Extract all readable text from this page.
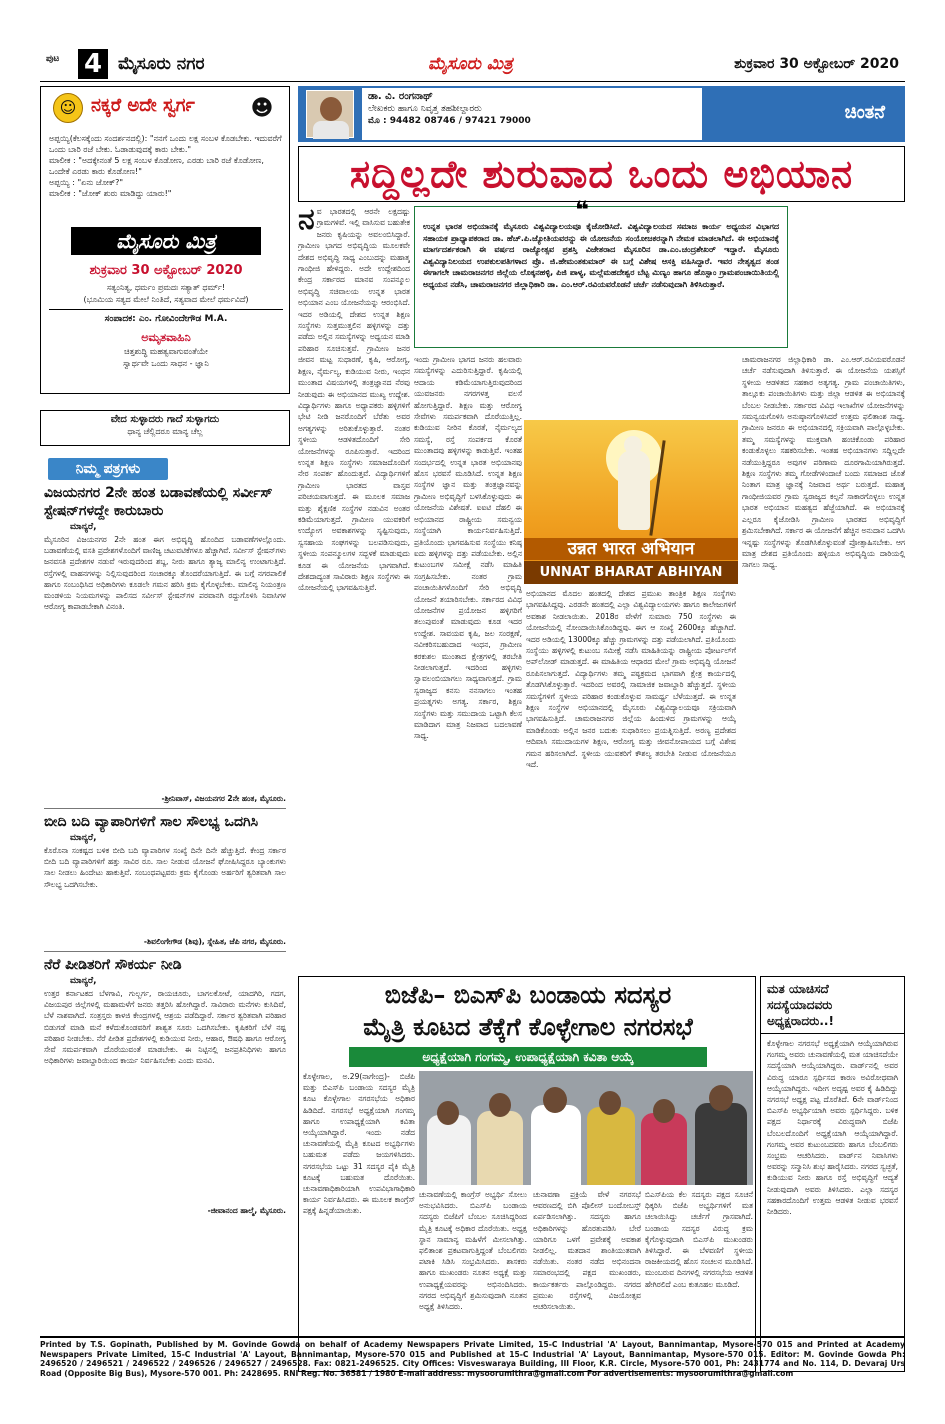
ಪುಟ 4 ಮೈಸೂರು ನಗರ	ಮೈಸೂರು ಮಿತ್ರ	ಶುಕ್ರವಾರ 30 ಅಕ್ಟೋಬರ್ 2020
☺ ನಕ್ಕರೆ ಅದೇ ಸ್ವರ್ಗ	☻

ಅಪ್ಪಯ್ಯಿ(ಕೆಲಸಕ್ಕೆಂದು ಸಂದರ್ಶನದಲ್ಲಿ): "ನನಗೆ ಒಂದು ಲಕ್ಷ ಸಂಬಳ ಕೊಡಬೇಕು. ಇದುವರೆಗೆ ಒಂದು ಬಾರಿ ರಜೆ ಬೇಕು. ಓಡಾಡುವುದಕ್ಕೆ ಕಾರು ಬೇಕು."

ಮಾಲೀಕ : "ಅದಕ್ಕೇನಂತೆ 5 ಲಕ್ಷ ಸಂಬಳ ಕೊಡೋಣ, ಎರಡು ಬಾರಿ ರಜೆ ಕೊಡೋಣ, ಒಂದೇಕೆ ಎರಡು ಕಾರು ಕೊಡೋಣ!"

ಅಪ್ಪಯ್ಯಿ : "ಏನು ಜೋಕ್?"

ಮಾಲೀಕ : "ಜೋಕ್ ಶುರು ಮಾಡಿದ್ದು ಯಾರು!"

ಮೈಸೂರು ಮಿತ್ರ
ಶುಕ್ರವಾರ 30 ಅಕ್ಟೋಬರ್ 2020
ಸತ್ಯಂನಿತ್ಯ, ಧರ್ಮಂ ಪ್ರಮದಃ ಸತ್ಯಾತ್ ಧರ್ಮ್!
(ಭೂಮಿಯ ಸತ್ಯದ ಮೇಲೆ ನಿಂತಿದೆ, ಸತ್ಯವಾದ ಮೇಲೆ ಧರ್ಮವಿದೆ)
ಸಂಪಾದಕ: ಎಂ. ಗೋವಿಂದೇಗೌಡ M.A.
ಅಮೃತವಾಹಿನಿ
ಚಿತ್ತಶುದ್ಧಿ ಮಹತ್ವವಾಗುವಂತೆಯೇ
ಸ್ವಾರ್ಥವೇ ಒಂದು ಸಾಧನ - ಜ್ಞಾನಿ
ವೇದ ಸುಳ್ಳಾದರು ಗಾದೆ ಸುಳ್ಳಾಗದು
ಧಾನ್ಯ ಚೆಲ್ಲಿದರೂ ಮಾನ್ಯ ಚೆಲ್ಲ
ನಿಮ್ಮ ಪತ್ರಗಳು
ವಿಜಯನಗರ 2ನೇ ಹಂತ ಬಡಾವಣೆಯಲ್ಲಿ ಸರ್ವೀಸ್ ಸ್ಟೇಷನ್‌ಗಳದ್ದೇ ಕಾರುಬಾರು
ಮಾನ್ಯರೆ,
ಮೈಸೂರಿನ ವಿಜಯನಗರ 2ನೇ ಹಂತ ಈಗ ಅಭಿವೃದ್ಧಿ ಹೊಂದಿದ ಬಡಾವಣೆಗಳಲ್ಲೊಂದು. ಬಡಾವಣೆಯಲ್ಲಿ ವಸತಿ ಪ್ರದೇಶಗಳೊಂದಿಗೆ ವಾಣಿಜ್ಯ ಚಟುವಟಿಕೆಗಳೂ ಹೆಚ್ಚಾಗಿವೆ. ಸರ್ವೀಸ್ ಸ್ಟೇಷನ್‌ಗಳು ಜನವಸತಿ ಪ್ರದೇಶಗಳ ನಡುವೆ ಇರುವುದರಿಂದ ಶಬ್ದ, ನೀರು ಹಾಗೂ ತ್ಯಾಜ್ಯ ಮಾಲಿನ್ಯ ಉಂಟಾಗುತ್ತಿದೆ. ರಸ್ತೆಗಳಲ್ಲಿ ವಾಹನಗಳನ್ನು ನಿಲ್ಲಿಸುವುದರಿಂದ ಸಂಚಾರಕ್ಕೂ ತೊಂದರೆಯಾಗುತ್ತಿದೆ. ಈ ಬಗ್ಗೆ ನಗರಪಾಲಿಕೆ ಹಾಗೂ ಸಂಬಂಧಿಸಿದ ಅಧಿಕಾರಿಗಳು ಕೂಡಲೇ ಗಮನ ಹರಿಸಿ ಕ್ರಮ ಕೈಗೊಳ್ಳಬೇಕು. ಮಾಲಿನ್ಯ ನಿಯಂತ್ರಣ ಮಂಡಳಿಯ ನಿಯಮಗಳನ್ನು ಪಾಲಿಸದ ಸರ್ವೀಸ್ ಸ್ಟೇಷನ್‌ಗಳ ಪರವಾನಗಿ ರದ್ದುಗೊಳಿಸಿ ನಿವಾಸಿಗಳ ಆರೋಗ್ಯ ಕಾಪಾಡಬೇಕಾಗಿ ವಿನಂತಿ.
-ಶ್ರೀನಿವಾಸ್, ವಿಜಯನಗರ 2ನೇ ಹಂತ, ಮೈಸೂರು.
ಬೀದಿ ಬದಿ ವ್ಯಾಪಾರಿಗಳಿಗೆ ಸಾಲ ಸೌಲಭ್ಯ ಒದಗಿಸಿ
ಮಾನ್ಯರೆ,
ಕೊರೊನಾ ಸಂಕಷ್ಟದ ಬಳಿಕ ಬೀದಿ ಬದಿ ವ್ಯಾಪಾರಿಗಳ ಸಂಖ್ಯೆ ದಿನೇ ದಿನೇ ಹೆಚ್ಚುತ್ತಿದೆ. ಕೇಂದ್ರ ಸರ್ಕಾರ ಬೀದಿ ಬದಿ ವ್ಯಾಪಾರಿಗಳಿಗೆ ಹತ್ತು ಸಾವಿರ ರೂ. ಸಾಲ ನೀಡುವ ಯೋಜನೆ ಘೋಷಿಸಿದ್ದರೂ ಬ್ಯಾಂಕುಗಳು ಸಾಲ ನೀಡಲು ಹಿಂದೇಟು ಹಾಕುತ್ತಿವೆ. ಸಂಬಂಧಪಟ್ಟವರು ಕ್ರಮ ಕೈಗೊಂಡು ಅರ್ಹರಿಗೆ ತ್ವರಿತವಾಗಿ ಸಾಲ ಸೌಲಭ್ಯ ಒದಗಿಸಬೇಕು.
-ಶಿವಲಿಂಗೇಗೌಡ (ಶಿವು), ಸ್ನೇಹಿತ, ಜೆಪಿ ನಗರ, ಮೈಸೂರು.
ನೆರೆ ಪೀಡಿತರಿಗೆ ಸೌಕರ್ಯ ನೀಡಿ
ಮಾನ್ಯರೆ,
ಉತ್ತರ ಕರ್ನಾಟಕದ ಬೆಳಗಾವಿ, ಗುಲ್ಬರ್ಗ, ರಾಯಚೂರು, ಬಾಗಲಕೋಟೆ, ಯಾದಗಿರಿ, ಗದಗ, ವಿಜಯಪುರ ಜಿಲ್ಲೆಗಳಲ್ಲಿ ಮಹಾಮಳೆಗೆ ಜನರು ತತ್ತರಿಸಿ ಹೋಗಿದ್ದಾರೆ. ಸಾವಿರಾರು ಮನೆಗಳು ಕುಸಿದಿವೆ, ಬೆಳೆ ನಾಶವಾಗಿದೆ. ಸಂತ್ರಸ್ತರು ಕಾಳಜಿ ಕೇಂದ್ರಗಳಲ್ಲಿ ಆಶ್ರಯ ಪಡೆದಿದ್ದಾರೆ. ಸರ್ಕಾರ ತ್ವರಿತವಾಗಿ ಪರಿಹಾರ ಬಿಡುಗಡೆ ಮಾಡಿ ಮನೆ ಕಳೆದುಕೊಂಡವರಿಗೆ ಶಾಶ್ವತ ಸೂರು ಒದಗಿಸಬೇಕು. ಕೃಷಿಕರಿಗೆ ಬೆಳೆ ನಷ್ಟ ಪರಿಹಾರ ನೀಡಬೇಕು. ನೆರೆ ಪೀಡಿತ ಪ್ರದೇಶಗಳಲ್ಲಿ ಕುಡಿಯುವ ನೀರು, ಆಹಾರ, ಔಷಧಿ ಹಾಗೂ ಆರೋಗ್ಯ ಸೇವೆ ಸಮರ್ಪಕವಾಗಿ ದೊರೆಯುವಂತೆ ಮಾಡಬೇಕು. ಈ ನಿಟ್ಟಿನಲ್ಲಿ ಜನಪ್ರತಿನಿಧಿಗಳು ಹಾಗೂ ಅಧಿಕಾರಿಗಳು ಜವಾಬ್ದಾರಿಯಿಂದ ಕಾರ್ಯ ನಿರ್ವಹಿಸಬೇಕು ಎಂದು ಮನವಿ.
-ಜೀವಾನಂದ ಹಾಲ್ಮೆ, ಮೈಸೂರು.
ಡಾ. ವಿ. ರಂಗನಾಥ್
ಲೇಖಕರು ಹಾಗೂ ನಿವೃತ್ತ ತಹಶೀಲ್ದಾರರು
ಮೊ : 94482 08746 / 97421 79000	ಚಿಂತನೆ
ಸದ್ದಿಲ್ಲದೇ ಶುರುವಾದ ಒಂದು ಅಭಿಯಾನ
ನವ ಭಾರತದಲ್ಲಿ ಆರನೇ ಲಕ್ಷದಷ್ಟು ಗ್ರಾಮಗಳಿವೆ. ಇಲ್ಲಿ ವಾಸಿಸುವ ಬಹುತೇಕ ಜನರು ಕೃಷಿಯನ್ನು ಅವಲಂಬಿಸಿದ್ದಾರೆ. ಗ್ರಾಮೀಣ ಭಾಗದ ಅಭಿವೃದ್ಧಿಯ ಮೂಲಕವೇ ದೇಶದ ಅಭಿವೃದ್ಧಿ ಸಾಧ್ಯ ಎಂಬುದನ್ನು ಮಹಾತ್ಮ ಗಾಂಧೀಜಿ ಹೇಳಿದ್ದರು. ಅದೇ ಉದ್ದೇಶದಿಂದ ಕೇಂದ್ರ ಸರ್ಕಾರದ ಮಾನವ ಸಂಪನ್ಮೂಲ ಅಭಿವೃದ್ಧಿ ಸಚಿವಾಲಯ ಉನ್ನತ ಭಾರತ ಅಭಿಯಾನ ಎಂಬ ಯೋಜನೆಯನ್ನು ಆರಂಭಿಸಿದೆ. ಇದರ ಅಡಿಯಲ್ಲಿ ದೇಶದ ಉನ್ನತ ಶಿಕ್ಷಣ ಸಂಸ್ಥೆಗಳು ಸುತ್ತಮುತ್ತಲಿನ ಹಳ್ಳಿಗಳನ್ನು ದತ್ತು ಪಡೆದು ಅಲ್ಲಿನ ಸಮಸ್ಯೆಗಳನ್ನು ಅಧ್ಯಯನ ಮಾಡಿ ಪರಿಹಾರ ಸೂಚಿಸುತ್ತವೆ. ಗ್ರಾಮೀಣ ಜನರ ಜೀವನ ಮಟ್ಟ ಸುಧಾರಣೆ, ಕೃಷಿ, ಆರೋಗ್ಯ, ಶಿಕ್ಷಣ, ನೈರ್ಮಲ್ಯ, ಕುಡಿಯುವ ನೀರು, ಇಂಧನ ಮುಂತಾದ ವಿಷಯಗಳಲ್ಲಿ ತಂತ್ರಜ್ಞಾನದ ನೆರವು ನೀಡುವುದು ಈ ಅಭಿಯಾನದ ಮುಖ್ಯ ಉದ್ದೇಶ. ವಿದ್ಯಾರ್ಥಿಗಳು ಹಾಗೂ ಅಧ್ಯಾಪಕರು ಹಳ್ಳಿಗಳಿಗೆ ಭೇಟಿ ನೀಡಿ ಜನರೊಂದಿಗೆ ಬೆರೆತು ಅವರ ಅಗತ್ಯಗಳನ್ನು ಅರಿತುಕೊಳ್ಳುತ್ತಾರೆ. ನಂತರ ಸ್ಥಳೀಯ ಆಡಳಿತದೊಂದಿಗೆ ಸೇರಿ ಯೋಜನೆಗಳನ್ನು ರೂಪಿಸುತ್ತಾರೆ. ಇದರಿಂದ ಉನ್ನತ ಶಿಕ್ಷಣ ಸಂಸ್ಥೆಗಳು ಸಮಾಜದೊಂದಿಗೆ ನೇರ ಸಂಪರ್ಕ ಹೊಂದುತ್ತವೆ. ವಿದ್ಯಾರ್ಥಿಗಳಿಗೆ ಗ್ರಾಮೀಣ ಭಾರತದ ವಾಸ್ತವ ಪರಿಚಯವಾಗುತ್ತದೆ. ಈ ಮೂಲಕ ಸಮಾಜ ಮತ್ತು ಶೈಕ್ಷಣಿಕ ಸಂಸ್ಥೆಗಳ ನಡುವಿನ ಅಂತರ ಕಡಿಮೆಯಾಗುತ್ತದೆ. ಗ್ರಾಮೀಣ ಯುವಕರಿಗೆ ಉದ್ಯೋಗ ಅವಕಾಶಗಳನ್ನು ಸೃಷ್ಟಿಸುವುದು, ಸ್ವಸಹಾಯ ಸಂಘಗಳನ್ನು ಬಲಪಡಿಸುವುದು, ಸ್ಥಳೀಯ ಸಂಪನ್ಮೂಲಗಳ ಸದ್ಬಳಕೆ ಮಾಡುವುದು ಕೂಡ ಈ ಯೋಜನೆಯ ಭಾಗವಾಗಿದೆ. ದೇಶದಾದ್ಯಂತ ಸಾವಿರಾರು ಶಿಕ್ಷಣ ಸಂಸ್ಥೆಗಳು ಈ ಯೋಜನೆಯಲ್ಲಿ ಭಾಗವಹಿಸುತ್ತಿವೆ.
ಇಂದು ಗ್ರಾಮೀಣ ಭಾಗದ ಜನರು ಹಲವಾರು ಸಮಸ್ಯೆಗಳನ್ನು ಎದುರಿಸುತ್ತಿದ್ದಾರೆ. ಕೃಷಿಯಲ್ಲಿ ಆದಾಯ ಕಡಿಮೆಯಾಗುತ್ತಿರುವುದರಿಂದ ಯುವಜನರು ನಗರಗಳತ್ತ ವಲಸೆ ಹೋಗುತ್ತಿದ್ದಾರೆ. ಶಿಕ್ಷಣ ಮತ್ತು ಆರೋಗ್ಯ ಸೇವೆಗಳು ಸಮರ್ಪಕವಾಗಿ ದೊರೆಯುತ್ತಿಲ್ಲ. ಕುಡಿಯುವ ನೀರಿನ ಕೊರತೆ, ನೈರ್ಮಲ್ಯದ ಸಮಸ್ಯೆ, ರಸ್ತೆ ಸಂಪರ್ಕದ ಕೊರತೆ ಮುಂತಾದವು ಹಳ್ಳಿಗಳನ್ನು ಕಾಡುತ್ತಿವೆ. ಇಂತಹ ಸಂದರ್ಭದಲ್ಲಿ ಉನ್ನತ ಭಾರತ ಅಭಿಯಾನವು ಹೊಸ ಭರವಸೆ ಮೂಡಿಸಿದೆ. ಉನ್ನತ ಶಿಕ್ಷಣ ಸಂಸ್ಥೆಗಳ ಜ್ಞಾನ ಮತ್ತು ತಂತ್ರಜ್ಞಾನವನ್ನು ಗ್ರಾಮೀಣ ಅಭಿವೃದ್ಧಿಗೆ ಬಳಸಿಕೊಳ್ಳುವುದು ಈ ಯೋಜನೆಯ ವಿಶೇಷತೆ. ಐಐಟಿ ದೆಹಲಿ ಈ ಅಭಿಯಾನದ ರಾಷ್ಟ್ರೀಯ ಸಮನ್ವಯ ಸಂಸ್ಥೆಯಾಗಿ ಕಾರ್ಯನಿರ್ವಹಿಸುತ್ತಿದೆ. ಪ್ರತಿಯೊಂದು ಭಾಗವಹಿಸುವ ಸಂಸ್ಥೆಯು ಕನಿಷ್ಠ ಐದು ಹಳ್ಳಿಗಳನ್ನು ದತ್ತು ಪಡೆಯಬೇಕು. ಅಲ್ಲಿನ ಕುಟುಂಬಗಳ ಸಮೀಕ್ಷೆ ನಡೆಸಿ ಮಾಹಿತಿ ಸಂಗ್ರಹಿಸಬೇಕು. ನಂತರ ಗ್ರಾಮ ಪಂಚಾಯಿತಿಗಳೊಂದಿಗೆ ಸೇರಿ ಅಭಿವೃದ್ಧಿ ಯೋಜನೆ ತಯಾರಿಸಬೇಕು. ಸರ್ಕಾರದ ವಿವಿಧ ಯೋಜನೆಗಳ ಪ್ರಯೋಜನ ಹಳ್ಳಿಗರಿಗೆ ತಲುಪುವಂತೆ ಮಾಡುವುದು ಕೂಡ ಇದರ ಉದ್ದೇಶ. ಸಾವಯವ ಕೃಷಿ, ಜಲ ಸಂರಕ್ಷಣೆ, ನವೀಕರಿಸಬಹುದಾದ ಇಂಧನ, ಗ್ರಾಮೀಣ ಕರಕುಶಲ ಮುಂತಾದ ಕ್ಷೇತ್ರಗಳಲ್ಲಿ ತರಬೇತಿ ನೀಡಲಾಗುತ್ತದೆ. ಇದರಿಂದ ಹಳ್ಳಿಗಳು ಸ್ವಾವಲಂಬಿಯಾಗಲು ಸಾಧ್ಯವಾಗುತ್ತದೆ. ಗ್ರಾಮ ಸ್ವರಾಜ್ಯದ ಕನಸು ನನಸಾಗಲು ಇಂತಹ ಪ್ರಯತ್ನಗಳು ಅಗತ್ಯ. ಸರ್ಕಾರ, ಶಿಕ್ಷಣ ಸಂಸ್ಥೆಗಳು ಮತ್ತು ಸಮುದಾಯ ಒಟ್ಟಾಗಿ ಕೆಲಸ ಮಾಡಿದಾಗ ಮಾತ್ರ ನಿಜವಾದ ಬದಲಾವಣೆ ಸಾಧ್ಯ.
ಅಭಿಯಾನದ ಮೊದಲ ಹಂತದಲ್ಲಿ ದೇಶದ ಪ್ರಮುಖ ತಾಂತ್ರಿಕ ಶಿಕ್ಷಣ ಸಂಸ್ಥೆಗಳು ಭಾಗವಹಿಸಿದ್ದವು. ಎರಡನೇ ಹಂತದಲ್ಲಿ ಎಲ್ಲಾ ವಿಶ್ವವಿದ್ಯಾಲಯಗಳು ಹಾಗೂ ಕಾಲೇಜುಗಳಿಗೆ ಅವಕಾಶ ನೀಡಲಾಯಿತು. 2018ರ ವೇಳೆಗೆ ಸುಮಾರು 750 ಸಂಸ್ಥೆಗಳು ಈ ಯೋಜನೆಯಲ್ಲಿ ನೋಂದಾಯಿಸಿಕೊಂಡಿದ್ದವು. ಈಗ ಆ ಸಂಖ್ಯೆ 2600ಕ್ಕೂ ಹೆಚ್ಚಾಗಿದೆ. ಇದರ ಅಡಿಯಲ್ಲಿ 13000ಕ್ಕೂ ಹೆಚ್ಚು ಗ್ರಾಮಗಳನ್ನು ದತ್ತು ಪಡೆಯಲಾಗಿದೆ. ಪ್ರತಿಯೊಂದು ಸಂಸ್ಥೆಯು ಹಳ್ಳಿಗಳಲ್ಲಿ ಕುಟುಂಬ ಸಮೀಕ್ಷೆ ನಡೆಸಿ ಮಾಹಿತಿಯನ್ನು ರಾಷ್ಟ್ರೀಯ ಪೋರ್ಟಲ್‌ಗೆ ಅಪ್‌ಲೋಡ್ ಮಾಡುತ್ತದೆ. ಈ ಮಾಹಿತಿಯ ಆಧಾರದ ಮೇಲೆ ಗ್ರಾಮ ಅಭಿವೃದ್ಧಿ ಯೋಜನೆ ರೂಪಿಸಲಾಗುತ್ತದೆ. ವಿದ್ಯಾರ್ಥಿಗಳು ತಮ್ಮ ಪಠ್ಯಕ್ರಮದ ಭಾಗವಾಗಿ ಕ್ಷೇತ್ರ ಕಾರ್ಯದಲ್ಲಿ ತೊಡಗಿಸಿಕೊಳ್ಳುತ್ತಾರೆ. ಇದರಿಂದ ಅವರಲ್ಲಿ ಸಾಮಾಜಿಕ ಜವಾಬ್ದಾರಿ ಹೆಚ್ಚುತ್ತದೆ. ಸ್ಥಳೀಯ ಸಮಸ್ಯೆಗಳಿಗೆ ಸ್ಥಳೀಯ ಪರಿಹಾರ ಕಂಡುಕೊಳ್ಳುವ ಸಾಮರ್ಥ್ಯ ಬೆಳೆಯುತ್ತದೆ. ಈ ಉನ್ನತ ಶಿಕ್ಷಣ ಸಂಸ್ಥೆಗಳ ಅಭಿಯಾನದಲ್ಲಿ ಮೈಸೂರು ವಿಶ್ವವಿದ್ಯಾಲಯವೂ ಸಕ್ರಿಯವಾಗಿ ಭಾಗವಹಿಸುತ್ತಿದೆ. ಚಾಮರಾಜನಗರ ಜಿಲ್ಲೆಯ ಹಿಂದುಳಿದ ಗ್ರಾಮಗಳನ್ನು ಆಯ್ಕೆ ಮಾಡಿಕೊಂಡು ಅಲ್ಲಿನ ಜನರ ಬದುಕು ಸುಧಾರಿಸಲು ಪ್ರಯತ್ನಿಸುತ್ತಿದೆ. ಅರಣ್ಯ ಪ್ರದೇಶದ ಆದಿವಾಸಿ ಸಮುದಾಯಗಳ ಶಿಕ್ಷಣ, ಆರೋಗ್ಯ ಮತ್ತು ಜೀವನೋಪಾಯದ ಬಗ್ಗೆ ವಿಶೇಷ ಗಮನ ಹರಿಸಲಾಗಿದೆ. ಸ್ಥಳೀಯ ಯುವಕರಿಗೆ ಕೌಶಲ್ಯ ತರಬೇತಿ ನೀಡುವ ಯೋಜನೆಯೂ ಇದೆ.
ಚಾಮರಾಜನಗರ ಜಿಲ್ಲಾಧಿಕಾರಿ ಡಾ. ಎಂ.ಆರ್.ರವಿಯವರೊಡನೆ ಚರ್ಚೆ ನಡೆಸುವುದಾಗಿ ತಿಳಿಸುತ್ತಾರೆ. ಈ ಯೋಜನೆಯ ಯಶಸ್ಸಿಗೆ ಸ್ಥಳೀಯ ಆಡಳಿತದ ಸಹಕಾರ ಅತ್ಯಗತ್ಯ. ಗ್ರಾಮ ಪಂಚಾಯಿತಿಗಳು, ತಾಲ್ಲೂಕು ಪಂಚಾಯಿತಿಗಳು ಮತ್ತು ಜಿಲ್ಲಾ ಆಡಳಿತ ಈ ಅಭಿಯಾನಕ್ಕೆ ಬೆಂಬಲ ನೀಡಬೇಕು. ಸರ್ಕಾರದ ವಿವಿಧ ಇಲಾಖೆಗಳ ಯೋಜನೆಗಳನ್ನು ಸಮನ್ವಯಗೊಳಿಸಿ ಅನುಷ್ಠಾನಗೊಳಿಸಿದರೆ ಉತ್ತಮ ಫಲಿತಾಂಶ ಸಾಧ್ಯ. ಗ್ರಾಮೀಣ ಜನರೂ ಈ ಅಭಿಯಾನದಲ್ಲಿ ಸಕ್ರಿಯವಾಗಿ ಪಾಲ್ಗೊಳ್ಳಬೇಕು. ತಮ್ಮ ಸಮಸ್ಯೆಗಳನ್ನು ಮುಕ್ತವಾಗಿ ಹಂಚಿಕೊಂಡು ಪರಿಹಾರ ಕಂಡುಕೊಳ್ಳಲು ಸಹಕರಿಸಬೇಕು. ಇಂತಹ ಅಭಿಯಾನಗಳು ಸದ್ದಿಲ್ಲದೇ ನಡೆಯುತ್ತಿದ್ದರೂ ಅವುಗಳ ಪರಿಣಾಮ ದೂರಗಾಮಿಯಾಗಿರುತ್ತದೆ. ಶಿಕ್ಷಣ ಸಂಸ್ಥೆಗಳು ತಮ್ಮ ಗೋಡೆಗಳಿಂದಾಚೆ ಬಂದು ಸಮಾಜದ ಜೊತೆ ನಿಂತಾಗ ಮಾತ್ರ ಜ್ಞಾನಕ್ಕೆ ನಿಜವಾದ ಅರ್ಥ ಬರುತ್ತದೆ. ಮಹಾತ್ಮ ಗಾಂಧೀಜಿಯವರ ಗ್ರಾಮ ಸ್ವರಾಜ್ಯದ ಕಲ್ಪನೆ ಸಾಕಾರಗೊಳ್ಳಲು ಉನ್ನತ ಭಾರತ ಅಭಿಯಾನ ಮಹತ್ವದ ಹೆಜ್ಜೆಯಾಗಿದೆ. ಈ ಅಭಿಯಾನಕ್ಕೆ ಎಲ್ಲರೂ ಕೈಜೋಡಿಸಿ ಗ್ರಾಮೀಣ ಭಾರತದ ಅಭಿವೃದ್ಧಿಗೆ ಶ್ರಮಿಸಬೇಕಾಗಿದೆ. ಸರ್ಕಾರ ಈ ಯೋಜನೆಗೆ ಹೆಚ್ಚಿನ ಅನುದಾನ ಒದಗಿಸಿ ಇನ್ನಷ್ಟು ಸಂಸ್ಥೆಗಳನ್ನು ತೊಡಗಿಸಿಕೊಳ್ಳುವಂತೆ ಪ್ರೋತ್ಸಾಹಿಸಬೇಕು. ಆಗ ಮಾತ್ರ ದೇಶದ ಪ್ರತಿಯೊಂದು ಹಳ್ಳಿಯೂ ಅಭಿವೃದ್ಧಿಯ ದಾರಿಯಲ್ಲಿ ಸಾಗಲು ಸಾಧ್ಯ.
❝
ಉನ್ನತ ಭಾರತ ಅಭಿಯಾನಕ್ಕೆ ಮೈಸೂರು ವಿಶ್ವವಿದ್ಯಾಲಯವೂ ಕೈಜೋಡಿಸಿದೆ. ವಿಶ್ವವಿದ್ಯಾಲಯದ ಸಮಾಜ ಕಾರ್ಯ ಅಧ್ಯಯನ ವಿಭಾಗದ ಸಹಾಯಕ ಪ್ರಾಧ್ಯಾಪಕರಾದ ಡಾ. ಹೆಚ್.ಪಿ.ಜ್ಯೋತಿಯವರನ್ನು ಈ ಯೋಜನೆಯ ಸಂಯೋಜಕರನ್ನಾಗಿ ನೇಮಕ ಮಾಡಲಾಗಿದೆ. ಈ ಅಭಿಯಾನಕ್ಕೆ ಮಾರ್ಗದರ್ಶಕರಾಗಿ ಈ ವರ್ಷದ ರಾಜ್ಯೋತ್ಸವ ಪ್ರಶಸ್ತಿ ವಿಜೇತರಾದ ಮೈಸೂರಿನ ಡಾ.ಎಂ.ಚಂದ್ರಶೇಖರ್ ಇದ್ದಾರೆ. ಮೈಸೂರು ವಿಶ್ವವಿದ್ಯಾನಿಲಯದ ಉಪಕುಲಪತಿಗಳಾದ ಪ್ರೊ. ಜಿ.ಹೇಮಂತಕುಮಾರ್ ಈ ಬಗ್ಗೆ ವಿಶೇಷ ಆಸಕ್ತಿ ವಹಿಸಿದ್ದಾರೆ. ಇವರ ನೇತೃತ್ವದ ತಂಡ ಈಗಾಗಲೇ ಚಾಮರಾಜನಗರ ಜಿಲ್ಲೆಯ ಲೊಕ್ಕನಹಳ್ಳಿ, ಪಿಜಿ ಪಾಳ್ಯ, ಮಲ್ಲೆಮಹದೇಶ್ವರ ಬೆಟ್ಟ ಮಿಣ್ಯಂ ಹಾಗೂ ಹೊಸ್ಪಾಂ ಗ್ರಾಮಪಂಚಾಯಿತಿಯಲ್ಲಿ ಅಧ್ಯಯನ ನಡೆಸಿ, ಚಾಮರಾಜನಗರ ಜಿಲ್ಲಾಧಿಕಾರಿ ಡಾ. ಎಂ.ಆರ್.ರವಿಯವರೊಡನೆ ಚರ್ಚೆ ನಡೆಸುವುದಾಗಿ ತಿಳಿಸಿರುತ್ತಾರೆ.
उन्नत भारत अभियान
UNNAT BHARAT ABHIYAN
ಬಿಜೆಪಿ– ಬಿಎಸ್‌ಪಿ ಬಂಡಾಯ ಸದಸ್ಯರ
ಮೈತ್ರಿ ಕೂಟದ ತೆಕ್ಕೆಗೆ ಕೊಳ್ಳೇಗಾಲ ನಗರಸಭೆ
ಅಧ್ಯಕ್ಷೆಯಾಗಿ ಗಂಗಮ್ಮ, ಉಪಾಧ್ಯಕ್ಷೆಯಾಗಿ ಕವಿತಾ ಆಯ್ಕೆ
ಕೊಳ್ಳೇಗಾಲ, ಅ.29(ನಾಗೇಂದ್ರ)- ಬಿಜೆಪಿ ಮತ್ತು ಬಿಎಸ್‌ಪಿ ಬಂಡಾಯ ಸದಸ್ಯರ ಮೈತ್ರಿ ಕೂಟ ಕೊಳ್ಳೇಗಾಲ ನಗರಸಭೆಯ ಅಧಿಕಾರ ಹಿಡಿದಿದೆ. ನಗರಸಭೆ ಅಧ್ಯಕ್ಷೆಯಾಗಿ ಗಂಗಮ್ಮ ಹಾಗೂ ಉಪಾಧ್ಯಕ್ಷೆಯಾಗಿ ಕವಿತಾ ಆಯ್ಕೆಯಾಗಿದ್ದಾರೆ. ಇಂದು ನಡೆದ ಚುನಾವಣೆಯಲ್ಲಿ ಮೈತ್ರಿ ಕೂಟದ ಅಭ್ಯರ್ಥಿಗಳು ಬಹುಮತ ಪಡೆದು ಜಯಗಳಿಸಿದರು. ನಗರಸಭೆಯ ಒಟ್ಟು 31 ಸದಸ್ಯರ ಪೈಕಿ ಮೈತ್ರಿ ಕೂಟಕ್ಕೆ ಬಹುಮತ ದೊರೆಯಿತು. ಚುನಾವಣಾಧಿಕಾರಿಯಾಗಿ ಉಪವಿಭಾಗಾಧಿಕಾರಿ ಕಾರ್ಯ ನಿರ್ವಹಿಸಿದರು. ಈ ಮೂಲಕ ಕಾಂಗ್ರೆಸ್ ಪಕ್ಷಕ್ಕೆ ಹಿನ್ನಡೆಯಾಯಿತು.
ಚುನಾವಣೆಯಲ್ಲಿ ಕಾಂಗ್ರೆಸ್ ಅಭ್ಯರ್ಥಿ ಸೋಲು ಅನುಭವಿಸಿದರು. ಬಿಎಸ್‌ಪಿ ಬಂಡಾಯ ಸದಸ್ಯರು ಬಿಜೆಪಿಗೆ ಬೆಂಬಲ ಸೂಚಿಸಿದ್ದರಿಂದ ಮೈತ್ರಿ ಕೂಟಕ್ಕೆ ಅಧಿಕಾರ ದೊರೆಯಿತು. ಅಧ್ಯಕ್ಷ ಸ್ಥಾನ ಸಾಮಾನ್ಯ ಮಹಿಳೆಗೆ ಮೀಸಲಾಗಿತ್ತು. ಫಲಿತಾಂಶ ಪ್ರಕಟವಾಗುತ್ತಿದ್ದಂತೆ ಬೆಂಬಲಿಗರು ಪಟಾಕಿ ಸಿಡಿಸಿ ಸಂಭ್ರಮಿಸಿದರು. ಶಾಸಕರು ಹಾಗೂ ಮುಖಂಡರು ನೂತನ ಅಧ್ಯಕ್ಷೆ ಮತ್ತು ಉಪಾಧ್ಯಕ್ಷೆಯವರನ್ನು ಅಭಿನಂದಿಸಿದರು. ನಗರದ ಅಭಿವೃದ್ಧಿಗೆ ಶ್ರಮಿಸುವುದಾಗಿ ನೂತನ ಅಧ್ಯಕ್ಷೆ ತಿಳಿಸಿದರು.
ಚುನಾವಣಾ ಪ್ರಕ್ರಿಯೆ ವೇಳೆ ನಗರಸಭೆ ಆವರಣದಲ್ಲಿ ಬಿಗಿ ಪೊಲೀಸ್ ಬಂದೋಬಸ್ತ್ ಏರ್ಪಡಿಸಲಾಗಿತ್ತು. ಸದಸ್ಯರು ಹಾಗೂ ಅಧಿಕಾರಿಗಳನ್ನು ಹೊರತುಪಡಿಸಿ ಬೇರೆ ಯಾರಿಗೂ ಒಳಗೆ ಪ್ರವೇಶಕ್ಕೆ ಅವಕಾಶ ನೀಡಲಿಲ್ಲ. ಮತದಾನ ಶಾಂತಿಯುತವಾಗಿ ನಡೆಯಿತು. ನಂತರ ನಡೆದ ಅಭಿನಂದನಾ ಸಮಾರಂಭದಲ್ಲಿ ಪಕ್ಷದ ಮುಖಂಡರು, ಕಾರ್ಯಕರ್ತರು ಪಾಲ್ಗೊಂಡಿದ್ದರು. ನಗರದ ಪ್ರಮುಖ ರಸ್ತೆಗಳಲ್ಲಿ ವಿಜಯೋತ್ಸವ ಆಚರಿಸಲಾಯಿತು.
ಬಿಎಸ್‌ಪಿಯ ಕೆಲ ಸದಸ್ಯರು ಪಕ್ಷದ ಸೂಚನೆ ಧಿಕ್ಕರಿಸಿ ಬಿಜೆಪಿ ಅಭ್ಯರ್ಥಿಗಳಿಗೆ ಮತ ಚಲಾಯಿಸಿದ್ದು ಚರ್ಚೆಗೆ ಗ್ರಾಸವಾಗಿದೆ. ಬಂಡಾಯ ಸದಸ್ಯರ ವಿರುದ್ಧ ಕ್ರಮ ಕೈಗೊಳ್ಳುವುದಾಗಿ ಬಿಎಸ್‌ಪಿ ಮುಖಂಡರು ತಿಳಿಸಿದ್ದಾರೆ. ಈ ಬೆಳವಣಿಗೆ ಸ್ಥಳೀಯ ರಾಜಕೀಯದಲ್ಲಿ ಹೊಸ ಸಂಚಲನ ಮೂಡಿಸಿದೆ. ಮುಂಬರುವ ದಿನಗಳಲ್ಲಿ ನಗರಸಭೆಯ ಆಡಳಿತ ಹೇಗಿರಲಿದೆ ಎಂಬ ಕುತೂಹಲ ಮೂಡಿದೆ.
ಮತ ಯಾಚಿಸದೆ ಸದಸ್ಯೆಯಾದವರು ಅಧ್ಯಕ್ಷರಾದರು..!
ಕೊಳ್ಳೇಗಾಲ ನಗರಸಭೆ ಅಧ್ಯಕ್ಷೆಯಾಗಿ ಆಯ್ಕೆಯಾಗಿರುವ ಗಂಗಮ್ಮ ಅವರು ಚುನಾವಣೆಯಲ್ಲಿ ಮತ ಯಾಚಿಸದೆಯೇ ಸದಸ್ಯೆಯಾಗಿ ಆಯ್ಕೆಯಾಗಿದ್ದರು. ವಾರ್ಡ್‌ನಲ್ಲಿ ಅವರ ವಿರುದ್ಧ ಯಾರೂ ಸ್ಪರ್ಧಿಸದ ಕಾರಣ ಅವಿರೋಧವಾಗಿ ಆಯ್ಕೆಯಾಗಿದ್ದರು. ಇದೀಗ ಅದೃಷ್ಟ ಅವರ ಕೈ ಹಿಡಿದಿದ್ದು ನಗರಸಭೆ ಅಧ್ಯಕ್ಷ ಪಟ್ಟ ದೊರೆತಿದೆ. 6ನೇ ವಾರ್ಡ್‌ನಿಂದ ಬಿಎಸ್‌ಪಿ ಅಭ್ಯರ್ಥಿಯಾಗಿ ಅವರು ಸ್ಪರ್ಧಿಸಿದ್ದರು. ಬಳಿಕ ಪಕ್ಷದ ನಿರ್ಧಾರಕ್ಕೆ ವಿರುದ್ಧವಾಗಿ ಬಿಜೆಪಿ ಬೆಂಬಲದೊಂದಿಗೆ ಅಧ್ಯಕ್ಷೆಯಾಗಿ ಆಯ್ಕೆಯಾಗಿದ್ದಾರೆ. ಗಂಗಮ್ಮ ಅವರ ಕುಟುಂಬದವರು ಹಾಗೂ ಬೆಂಬಲಿಗರು ಸಂಭ್ರಮ ಆಚರಿಸಿದರು. ವಾರ್ಡ್‌ನ ನಿವಾಸಿಗಳು ಅವರನ್ನು ಸನ್ಮಾನಿಸಿ ಶುಭ ಹಾರೈಸಿದರು. ನಗರದ ಸ್ವಚ್ಛತೆ, ಕುಡಿಯುವ ನೀರು ಹಾಗೂ ರಸ್ತೆ ಅಭಿವೃದ್ಧಿಗೆ ಆದ್ಯತೆ ನೀಡುವುದಾಗಿ ಅವರು ತಿಳಿಸಿದರು. ಎಲ್ಲಾ ಸದಸ್ಯರ ಸಹಕಾರದೊಂದಿಗೆ ಉತ್ತಮ ಆಡಳಿತ ನೀಡುವ ಭರವಸೆ ನೀಡಿದರು.
Printed by T.S. Gopinath, Published by M. Govinde Gowda on behalf of Academy Newspapers Private Limited, 15-C Industrial 'A' Layout, Bannimantap, Mysore-570 015 and Printed at Academy Newspapers Private Limited, 15-C Industrial 'A' Layout, Bannimantap, Mysore-570 015 and Published at 15-C Industrial 'A' Layout, Bannimantap, Mysore-570 015. Editor: M. Govinde Gowda Ph: 2496520 / 2496521 / 2496522 / 2496526 / 2496527 / 2496528. Fax: 0821-2496525. City Offices: Visveswaraya Building, III Floor, K.R. Circle, Mysore-570 001, Ph: 2431774 and No. 114, D. Devaraj Urs Road (Opposite Big Bus), Mysore-570 001. Ph: 2428695. RNI Reg. No. 36581 / 1980 E-mail address: mysoorumithra@gmail.com For advertisements: mysoorumithra@gmail.com
